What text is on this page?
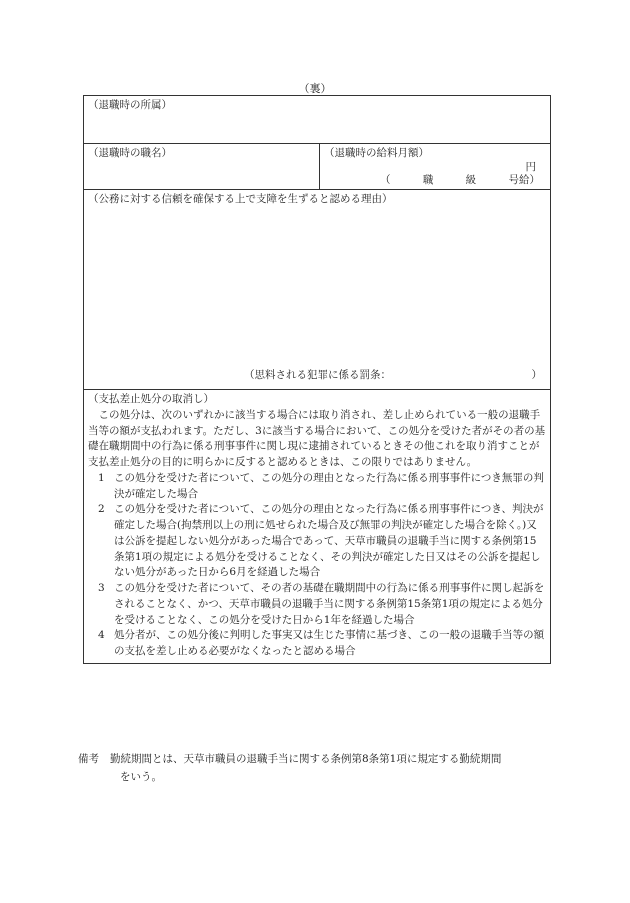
（裏）
（退職時の所属）
（退職時の職名）	（退職時の給料月額）
円
（	職	級	号給）
（公務に対する信頼を確保する上で支障を生ずると認める理由）
（思料される犯罪に係る罰条：	）
（支払差止処分の取消し）
この処分は、次のいずれかに該当する場合には取り消され、差し止められている一般の退職手当等の額が支払われます。ただし、3に該当する場合において、この処分を受けた者がその者の基礎在職期間中の行為に係る刑事事件に関し現に逮捕されているときその他これを取り消すことが支払差止処分の目的に明らかに反すると認めるときは、この限りではありません。
1 この処分を受けた者について、この処分の理由となった行為に係る刑事事件につき無罪の判決が確定した場合
2 この処分を受けた者について、この処分の理由となった行為に係る刑事事件につき、判決が確定した場合(拘禁刑以上の刑に処せられた場合及び無罪の判決が確定した場合を除く。)又は公訴を提起しない処分があった場合であって、天草市職員の退職手当に関する条例第15条第1項の規定による処分を受けることなく、その判決が確定した日又はその公訴を提起しない処分があった日から6月を経過した場合
3 この処分を受けた者について、その者の基礎在職期間中の行為に係る刑事事件に関し起訴をされることなく、かつ、天草市職員の退職手当に関する条例第15条第1項の規定による処分を受けることなく、この処分を受けた日から1年を経過した場合
4 処分者が、この処分後に判明した事実又は生じた事情に基づき、この一般の退職手当等の額の支払を差し止める必要がなくなったと認める場合
備考	勤続期間とは、天草市職員の退職手当に関する条例第8条第1項に規定する勤続期間
をいう。
